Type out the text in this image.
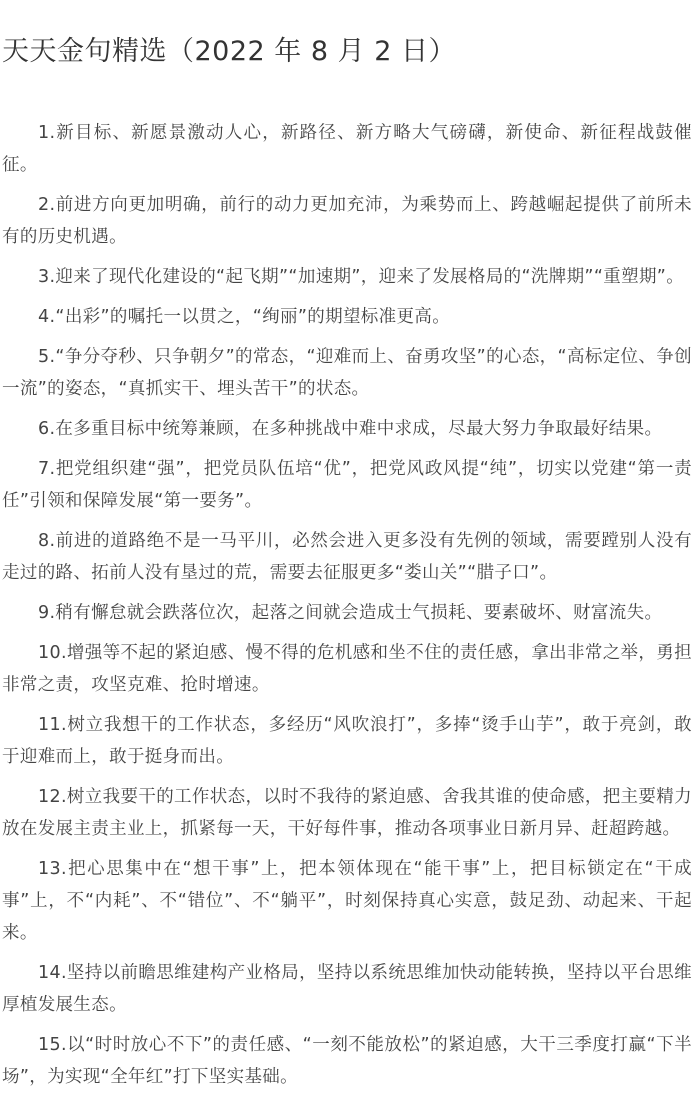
天天金句精选（2022 年 8 月 2 日）
1.新目标、新愿景激动人心，新路径、新方略大气磅礴，新使命、新征程战鼓催征。
2.前进方向更加明确，前行的动力更加充沛，为乘势而上、跨越崛起提供了前所未有的历史机遇。
3.迎来了现代化建设的“起飞期”“加速期”，迎来了发展格局的“洗牌期”“重塑期”。
4.“出彩”的嘱托一以贯之，“绚丽”的期望标准更高。
5.“争分夺秒、只争朝夕”的常态，“迎难而上、奋勇攻坚”的心态，“高标定位、争创一流”的姿态，“真抓实干、埋头苦干”的状态。
6.在多重目标中统筹兼顾，在多种挑战中难中求成，尽最大努力争取最好结果。
7.把党组织建“强”，把党员队伍培“优”，把党风政风提“纯”，切实以党建“第一责任”引领和保障发展“第一要务”。
8.前进的道路绝不是一马平川，必然会进入更多没有先例的领域，需要蹚别人没有走过的路、拓前人没有垦过的荒，需要去征服更多“娄山关”“腊子口”。
9.稍有懈怠就会跌落位次，起落之间就会造成士气损耗、要素破坏、财富流失。
10.增强等不起的紧迫感、慢不得的危机感和坐不住的责任感，拿出非常之举，勇担非常之责，攻坚克难、抢时增速。
11.树立我想干的工作状态，多经历“风吹浪打”，多捧“烫手山芋”，敢于亮剑，敢于迎难而上，敢于挺身而出。
12.树立我要干的工作状态，以时不我待的紧迫感、舍我其谁的使命感，把主要精力放在发展主责主业上，抓紧每一天，干好每件事，推动各项事业日新月异、赶超跨越。
13.把心思集中在“想干事”上，把本领体现在“能干事”上，把目标锁定在“干成事”上，不“内耗”、不“错位”、不“躺平”，时刻保持真心实意，鼓足劲、动起来、干起来。
14.坚持以前瞻思维建构产业格局，坚持以系统思维加快动能转换，坚持以平台思维厚植发展生态。
15.以“时时放心不下”的责任感、“一刻不能放松”的紧迫感，大干三季度打赢“下半场”，为实现“全年红”打下坚实基础。
